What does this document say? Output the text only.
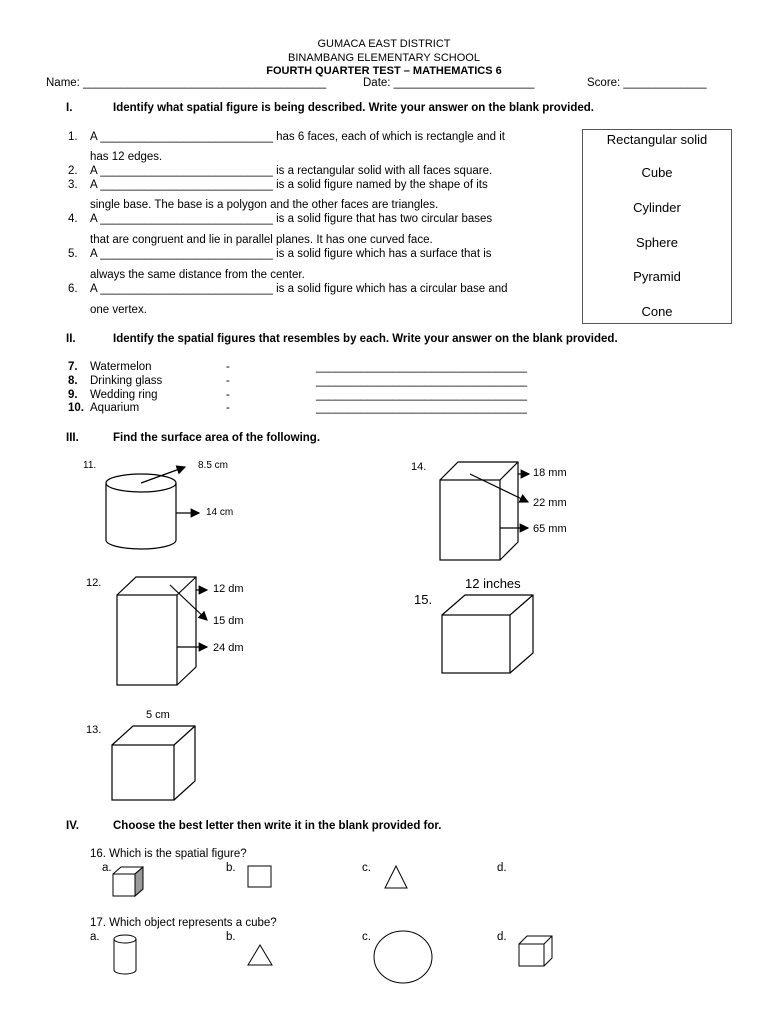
GUMACA EAST DISTRICT
BINAMBANG ELEMENTARY SCHOOL
FOURTH QUARTER TEST – MATHEMATICS 6
Name: ______________________________________	Date: ______________________	Score: _____________
I.	Identify what spatial figure is being described. Write your answer on the blank provided.
1. A ___________________________ has 6 faces, each of which is rectangle and it
has 12 edges.
2. A ___________________________ is a rectangular solid with all faces square.
3. A ___________________________ is a solid figure named by the shape of its
single base. The base is a polygon and the other faces are triangles.
4. A ___________________________ is a solid figure that has two circular bases
that are congruent and lie in parallel planes. It has one curved face.
5. A ___________________________ is a solid figure which has a surface that is
always the same distance from the center.
6. A ___________________________ is a solid figure which has a circular base and
one vertex.
Rectangular solid
Cube
Cylinder
Sphere
Pyramid
Cone
II.	Identify the spatial figures that resembles by each. Write your answer on the blank provided.
7. Watermelon	-	_________________________________
8. Drinking glass	-	_________________________________
9. Wedding ring	-	_________________________________
10. Aquarium	-	_________________________________
III.	Find the surface area of the following.
11.	8.5 cm
14 cm
12.	12 dm
15 dm
24 dm
13.
5 cm
14.	18 mm
22 mm
65 mm
15.
12 inches
IV.	Choose the best letter then write it in the blank provided for.
16. Which is the spatial figure?
a.	b.	c.	d.
17. Which object represents a cube?
a.	b.	c.	d.
